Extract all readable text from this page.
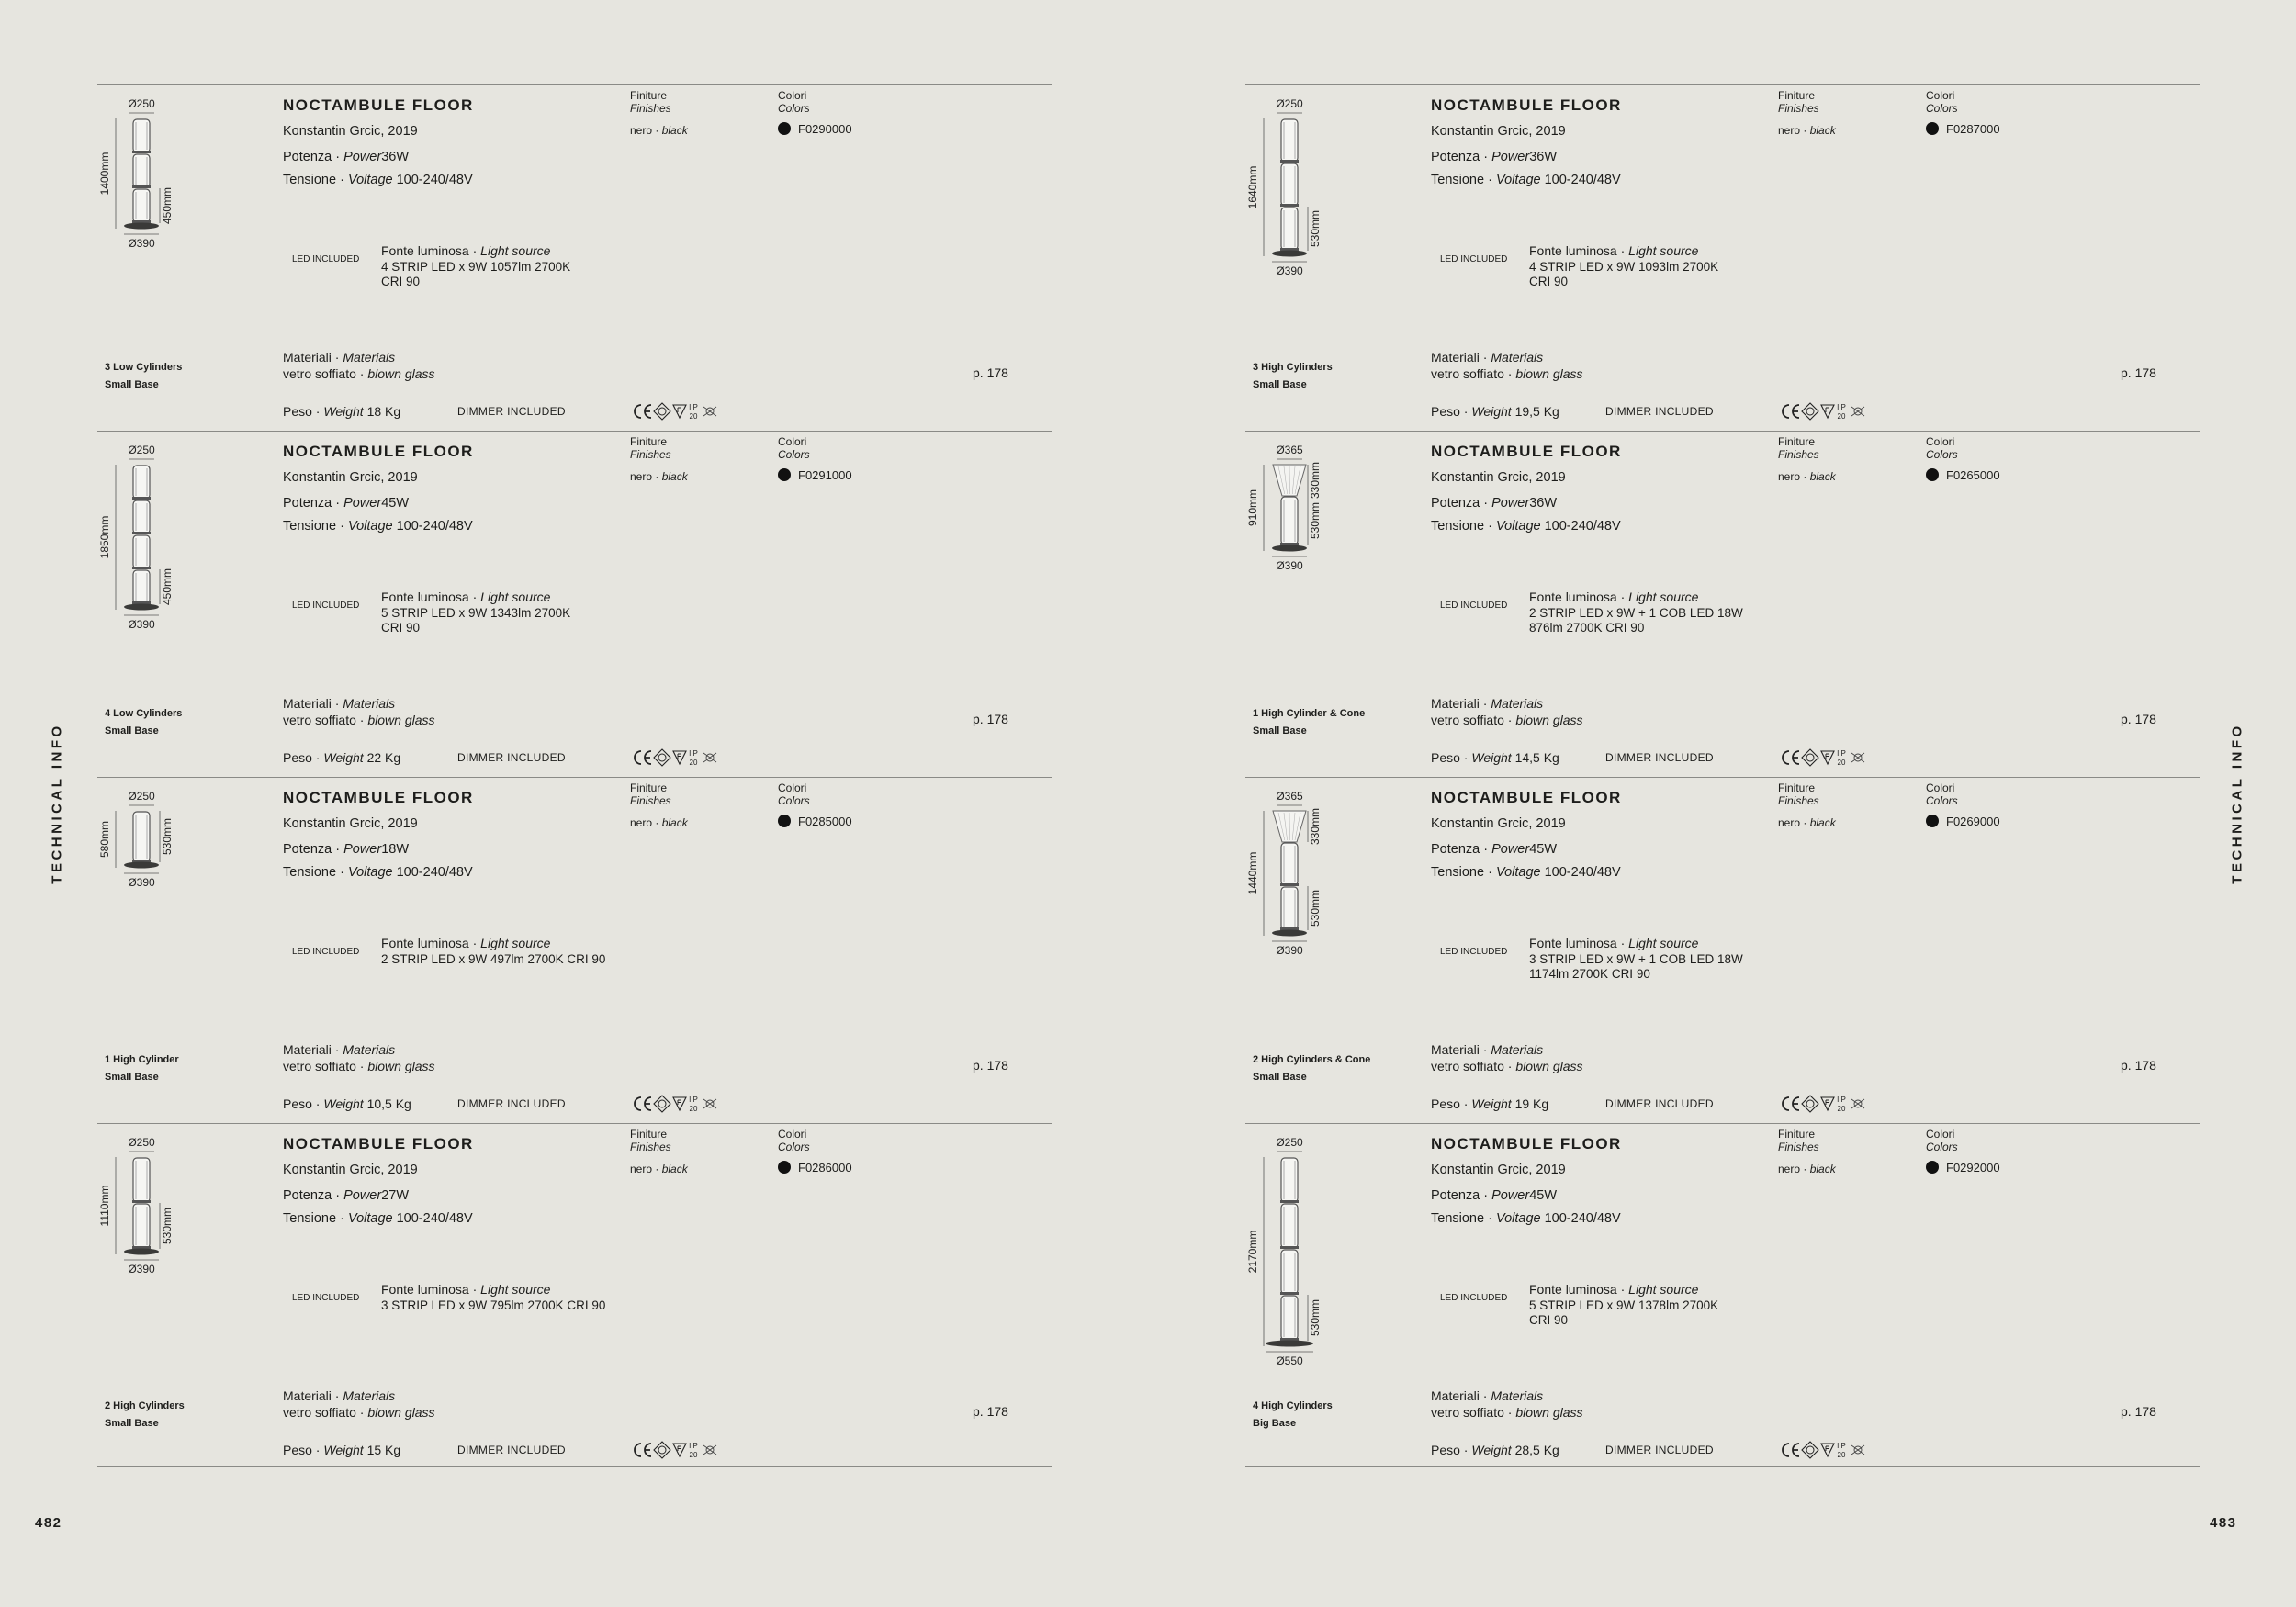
TECHNICAL INFO	TECHNICAL INFO
482	483
Ø250
Ø390
1400mm
450mm
3 Low Cylinders
Small Base
NOCTAMBULE FLOOR
Konstantin Grcic, 2019
Potenza · Power36W
Tensione · Voltage 100-240/48V
LED INCLUDED
Fonte luminosa · Light source
4 STRIP LED x 9W 1057lm 2700K
CRI 90
Materiali · Materials
vetro soffiato · blown glass	p. 178
Peso · Weight 18 Kg	DIMMER INCLUDED	I P
20
Finiture
Finishes
nero · black
Colori
Colors
F0290000
Ø250
Ø390
1850mm
450mm
4 Low Cylinders
Small Base
NOCTAMBULE FLOOR
Konstantin Grcic, 2019
Potenza · Power45W
Tensione · Voltage 100-240/48V
LED INCLUDED
Fonte luminosa · Light source
5 STRIP LED x 9W 1343lm 2700K
CRI 90
Materiali · Materials
vetro soffiato · blown glass	p. 178
Peso · Weight 22 Kg	DIMMER INCLUDED	I P
20
Finiture
Finishes
nero · black
Colori
Colors
F0291000
Ø250
Ø390
580mm	530mm
1 High Cylinder
Small Base
NOCTAMBULE FLOOR
Konstantin Grcic, 2019
Potenza · Power18W
Tensione · Voltage 100-240/48V
LED INCLUDED
Fonte luminosa · Light source
2 STRIP LED x 9W 497lm 2700K CRI 90
Materiali · Materials
vetro soffiato · blown glass	p. 178
Peso · Weight 10,5 Kg	DIMMER INCLUDED	I P
20
Finiture
Finishes
nero · black
Colori
Colors
F0285000
Ø250
Ø390
1110mm	530mm
2 High Cylinders
Small Base
NOCTAMBULE FLOOR
Konstantin Grcic, 2019
Potenza · Power27W
Tensione · Voltage 100-240/48V
LED INCLUDED
Fonte luminosa · Light source
3 STRIP LED x 9W 795lm 2700K CRI 90
Materiali · Materials
vetro soffiato · blown glass	p. 178
Peso · Weight 15 Kg	DIMMER INCLUDED	I P
20
Finiture
Finishes
nero · black
Colori
Colors
F0286000
Ø250
Ø390
1640mm
530mm
3 High Cylinders
Small Base
NOCTAMBULE FLOOR
Konstantin Grcic, 2019
Potenza · Power36W
Tensione · Voltage 100-240/48V
LED INCLUDED
Fonte luminosa · Light source
4 STRIP LED x 9W 1093lm 2700K
CRI 90
Materiali · Materials
vetro soffiato · blown glass	p. 178
Peso · Weight 19,5 Kg	DIMMER INCLUDED	I P
20
Finiture
Finishes
nero · black
Colori
Colors
F0287000
Ø365
Ø390
910mm	530mm
330mm
1 High Cylinder & Cone
Small Base
NOCTAMBULE FLOOR
Konstantin Grcic, 2019
Potenza · Power36W
Tensione · Voltage 100-240/48V
LED INCLUDED
Fonte luminosa · Light source
2 STRIP LED x 9W + 1 COB LED 18W
876lm 2700K CRI 90
Materiali · Materials
vetro soffiato · blown glass	p. 178
Peso · Weight 14,5 Kg	DIMMER INCLUDED	I P
20
Finiture
Finishes
nero · black
Colori
Colors
F0265000
Ø365
Ø390
1440mm
530mm
330mm
2 High Cylinders & Cone
Small Base
NOCTAMBULE FLOOR
Konstantin Grcic, 2019
Potenza · Power45W
Tensione · Voltage 100-240/48V
LED INCLUDED
Fonte luminosa · Light source
3 STRIP LED x 9W + 1 COB LED 18W
1174lm 2700K CRI 90
Materiali · Materials
vetro soffiato · blown glass	p. 178
Peso · Weight 19 Kg	DIMMER INCLUDED	I P
20
Finiture
Finishes
nero · black
Colori
Colors
F0269000
Ø250
Ø550
2170mm
530mm
4 High Cylinders
Big Base
NOCTAMBULE FLOOR
Konstantin Grcic, 2019
Potenza · Power45W
Tensione · Voltage 100-240/48V
LED INCLUDED
Fonte luminosa · Light source
5 STRIP LED x 9W 1378lm 2700K
CRI 90
Materiali · Materials
vetro soffiato · blown glass	p. 178
Peso · Weight 28,5 Kg	DIMMER INCLUDED	I P
20
Finiture
Finishes
nero · black
Colori
Colors
F0292000
